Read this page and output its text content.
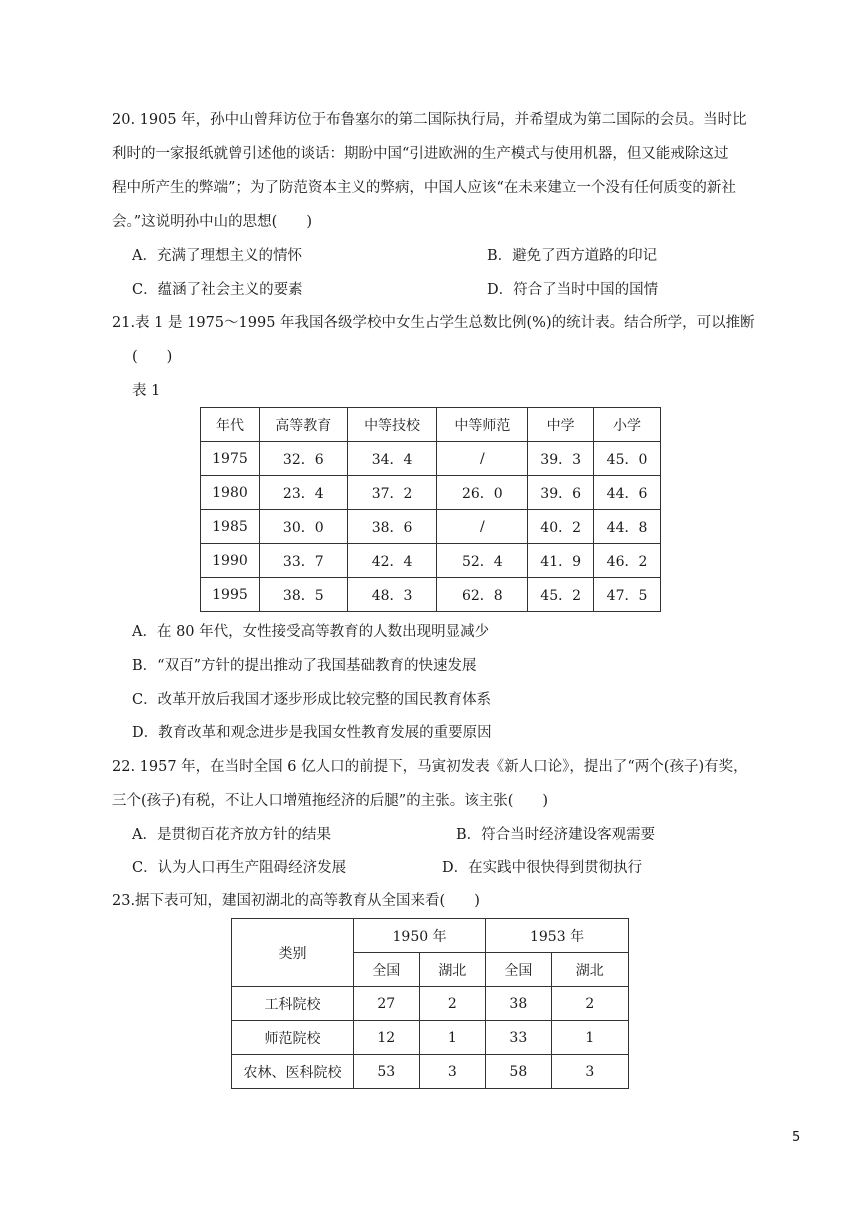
20. 1905 年，孙中山曾拜访位于布鲁塞尔的第二国际执行局，并希望成为第二国际的会员。当时比
利时的一家报纸就曾引述他的谈话：期盼中国“引进欧洲的生产模式与使用机器，但又能戒除这过
程中所产生的弊端”；为了防范资本主义的弊病，中国人应该“在未来建立一个没有任何质变的新社
会。”这说明孙中山的思想(　　)
A．充满了理想主义的情怀	B．避免了西方道路的印记
C．蕴涵了社会主义的要素	D．符合了当时中国的国情
21.表 1 是 1975～1995 年我国各级学校中女生占学生总数比例(%)的统计表。结合所学，可以推断
(　　)
表 1
年代	高等教育	中等技校	中等师范	中学	小学
1975	32．6	34．4	/	39．3	45．0
1980	23．4	37．2	26．0	39．6	44．6
1985	30．0	38．6	/	40．2	44．8
1990	33．7	42．4	52．4	41．9	46．2
1995	38．5	48．3	62．8	45．2	47．5
A．在 80 年代，女性接受高等教育的人数出现明显减少
B．“双百”方针的提出推动了我国基础教育的快速发展
C．改革开放后我国才逐步形成比较完整的国民教育体系
D．教育改革和观念进步是我国女性教育发展的重要原因
22. 1957 年，在当时全国 6 亿人口的前提下，马寅初发表《新人口论》，提出了“两个(孩子)有奖，
三个(孩子)有税，不让人口增殖拖经济的后腿”的主张。该主张(　　)
A．是贯彻百花齐放方针的结果	B．符合当时经济建设客观需要
C．认为人口再生产阻碍经济发展	D．在实践中很快得到贯彻执行
23.据下表可知，建国初湖北的高等教育从全国来看(　　)
类别	1950 年		1953 年	
	全国	湖北	全国	湖北
工科院校	27	2	38	2
师范院校	12	1	33	1
农林、医科院校	53	3	58	3
5
